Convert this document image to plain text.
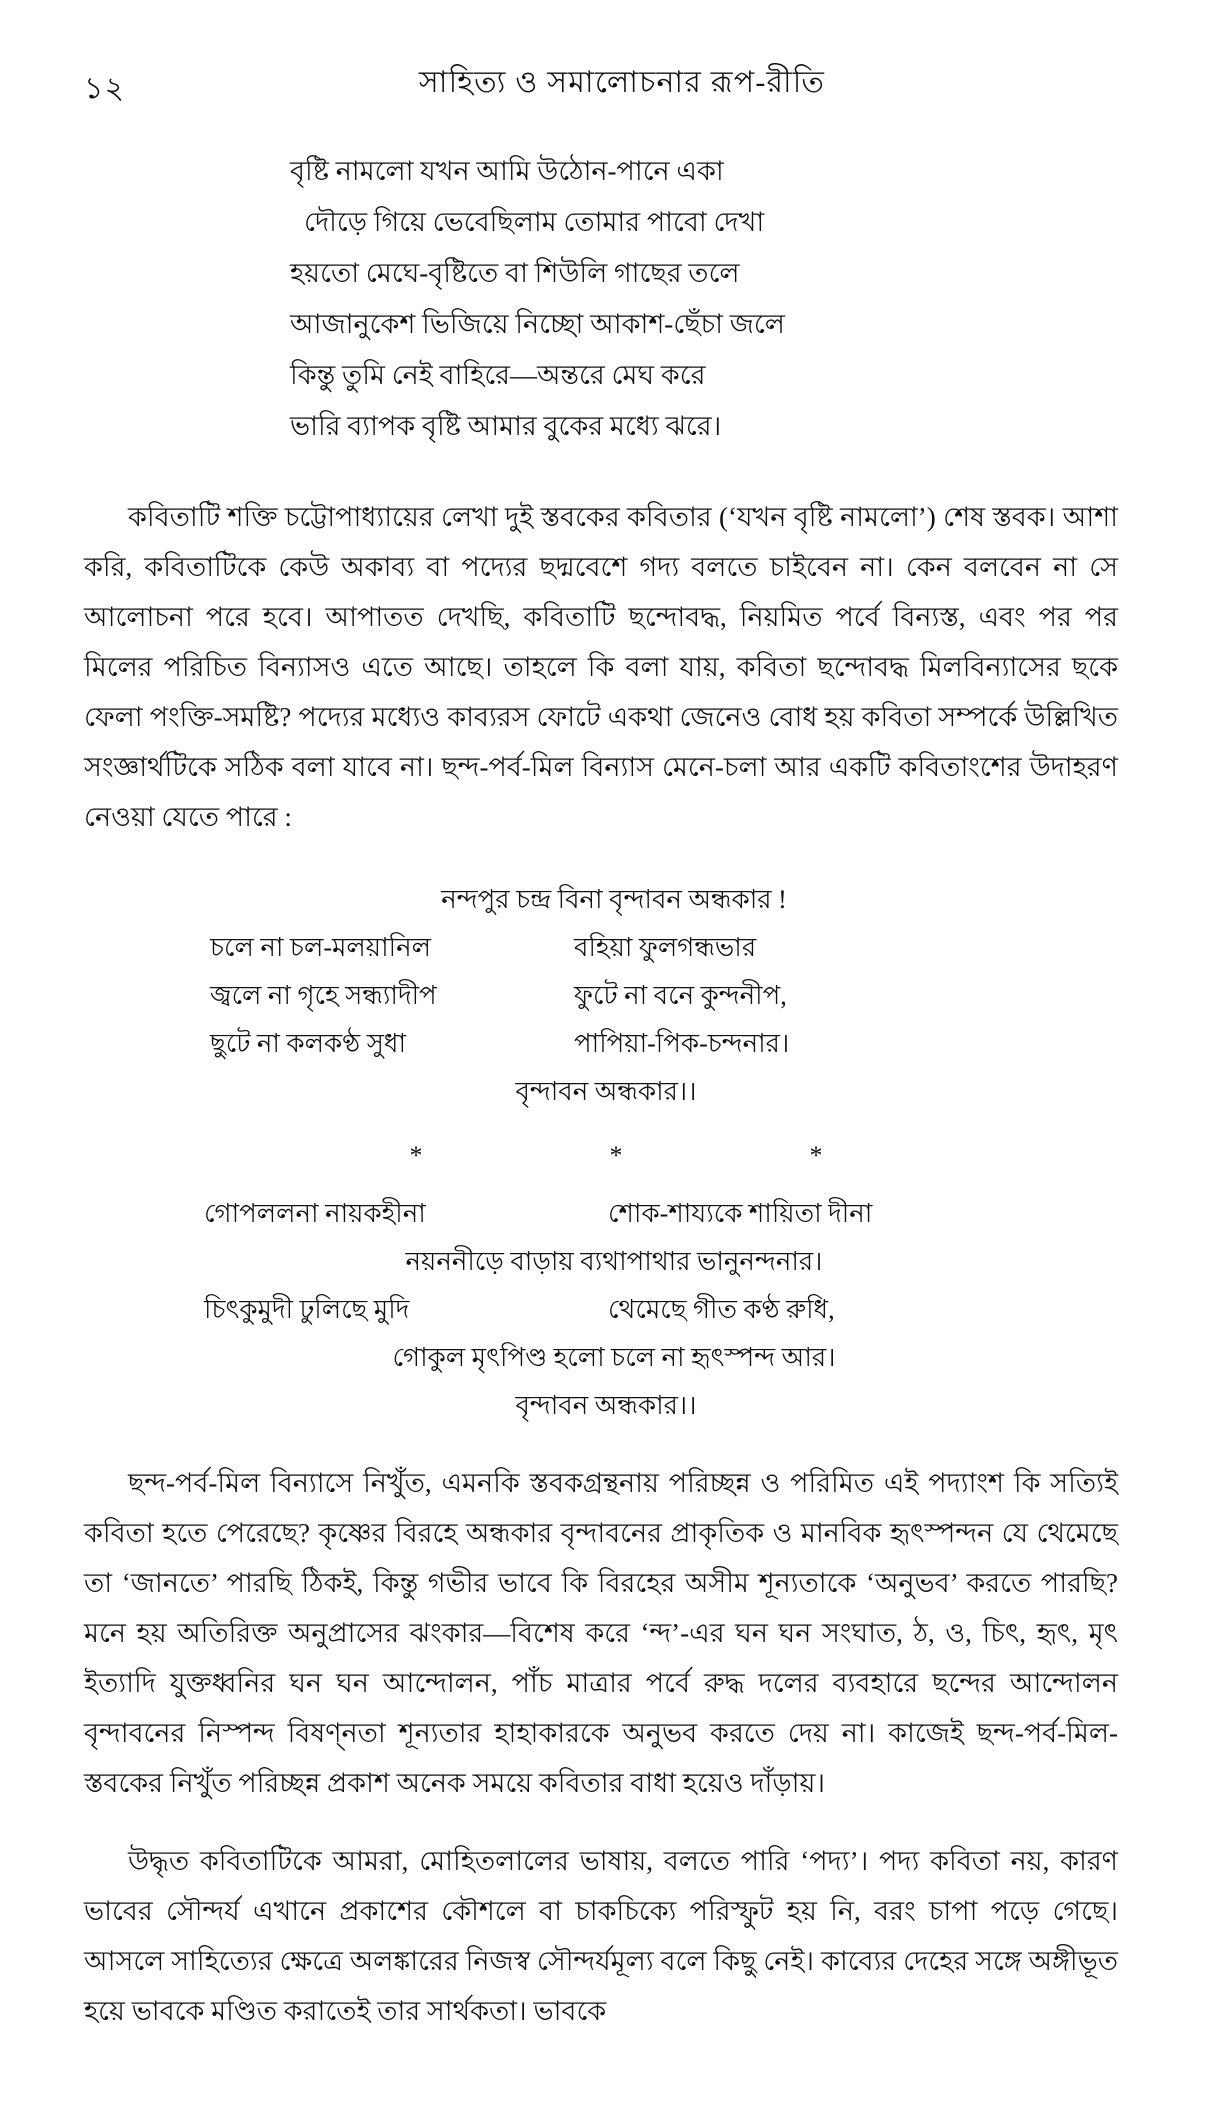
১২	সাহিত্য ও সমালোচনার রূপ-রীতি
বৃষ্টি নামলো যখন আমি উঠোন-পানে একা
দৌড়ে গিয়ে ভেবেছিলাম তোমার পাবো দেখা
হয়তো মেঘে-বৃষ্টিতে বা শিউলি গাছের তলে
আজানুকেশ ভিজিয়ে নিচ্ছো আকাশ-ছেঁচা জলে
কিন্তু তুমি নেই বাহিরে—অন্তরে মেঘ করে
ভারি ব্যাপক বৃষ্টি আমার বুকের মধ্যে ঝরে।
কবিতাটি শক্তি চট্টোপাধ্যায়ের লেখা দুই স্তবকের কবিতার (‘যখন বৃষ্টি নামলো’) শেষ স্তবক। আশা করি, কবিতাটিকে কেউ অকাব্য বা পদ্যের ছদ্মবেশে গদ্য বলতে চাইবেন না। কেন বলবেন না সে আলোচনা পরে হবে। আপাতত দেখছি, কবিতাটি ছন্দোবদ্ধ, নিয়মিত পর্বে বিন্যস্ত, এবং পর পর মিলের পরিচিত বিন্যাসও এতে আছে। তাহলে কি বলা যায়, কবিতা ছন্দোবদ্ধ মিলবিন্যাসের ছকে ফেলা পংক্তি-সমষ্টি? পদ্যের মধ্যেও কাব্যরস ফোটে একথা জেনেও বোধ হয় কবিতা সম্পর্কে উল্লিখিত সংজ্ঞার্থটিকে সঠিক বলা যাবে না। ছন্দ-পর্ব-মিল বিন্যাস মেনে-চলা আর একটি কবিতাংশের উদাহরণ নেওয়া যেতে পারে :
নন্দপুর চন্দ্র বিনা বৃন্দাবন অন্ধকার !
চলে না চল-মলয়ানিল	বহিয়া ফুলগন্ধভার
জ্বলে না গৃহে সন্ধ্যাদীপ	ফুটে না বনে কুন্দনীপ,
ছুটে না কলকণ্ঠ সুধা	পাপিয়া-পিক-চন্দনার।
বৃন্দাবন অন্ধকার।।
*	*	*
গোপললনা নায়কহীনা	শোক-শায্যকে শায়িতা দীনা
নয়ননীড়ে বাড়ায় ব্যথাপাথার ভানুনন্দনার।
চিৎকুমুদী ঢুলিছে মুদি	থেমেছে গীত কণ্ঠ রুধি,
গোকুল মৃৎপিণ্ড হলো চলে না হৃৎস্পন্দ আর।
বৃন্দাবন অন্ধকার।।
ছন্দ-পর্ব-মিল বিন্যাসে নিখুঁত, এমনকি স্তবকগ্রন্থনায় পরিচ্ছন্ন ও পরিমিত এই পদ্যাংশ কি সত্যিই কবিতা হতে পেরেছে? কৃষ্ণের বিরহে অন্ধকার বৃন্দাবনের প্রাকৃতিক ও মানবিক হৃৎস্পন্দন যে থেমেছে তা ‘জানতে’ পারছি ঠিকই, কিন্তু গভীর ভাবে কি বিরহের অসীম শূন্যতাকে ‘অনুভব’ করতে পারছি? মনে হয় অতিরিক্ত অনুপ্রাসের ঝংকার—বিশেষ করে ‘ন্দ’-এর ঘন ঘন সংঘাত, ঠ, ও, চিৎ, হৃৎ, মৃৎ ইত্যাদি যুক্তধ্বনির ঘন ঘন আন্দোলন, পাঁচ মাত্রার পর্বে রুদ্ধ দলের ব্যবহারে ছন্দের আন্দোলন বৃন্দাবনের নিস্পন্দ বিষণ্নতা শূন্যতার হাহাকারকে অনুভব করতে দেয় না। কাজেই ছন্দ-পর্ব-মিল-স্তবকের নিখুঁত পরিচ্ছন্ন প্রকাশ অনেক সময়ে কবিতার বাধা হয়েও দাঁড়ায়।
উদ্ধৃত কবিতাটিকে আমরা, মোহিতলালের ভাষায়, বলতে পারি ‘পদ্য’। পদ্য কবিতা নয়, কারণ ভাবের সৌন্দর্য এখানে প্রকাশের কৌশলে বা চাকচিক্যে পরিস্ফুট হয় নি, বরং চাপা পড়ে গেছে। আসলে সাহিত্যের ক্ষেত্রে অলঙ্কারের নিজস্ব সৌন্দর্যমূল্য বলে কিছু নেই। কাব্যের দেহের সঙ্গে অঙ্গীভূত হয়ে ভাবকে মণ্ডিত করাতেই তার সার্থকতা। ভাবকে
